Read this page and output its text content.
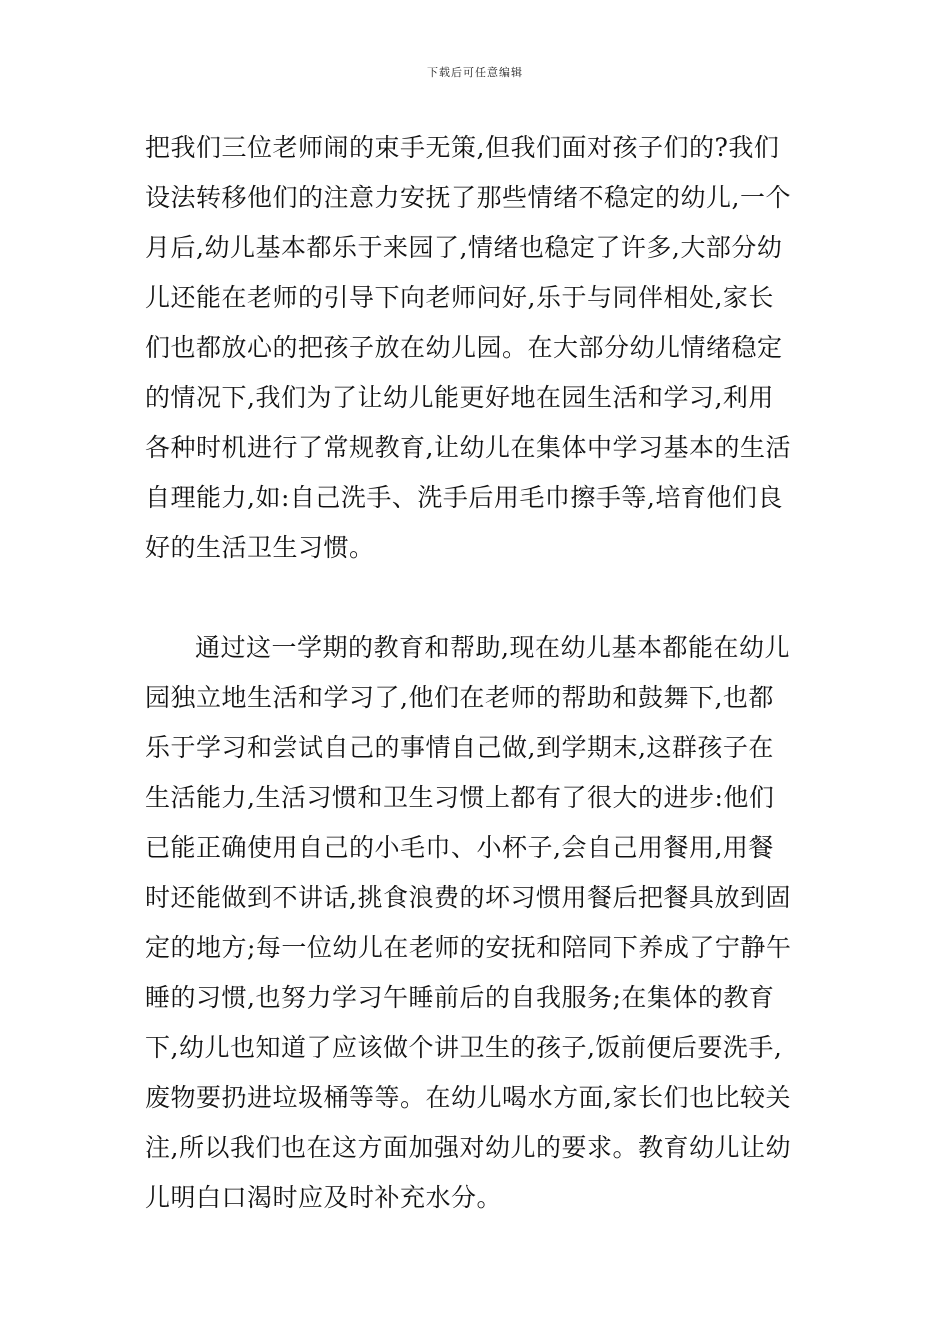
下载后可任意编辑
把我们三位老师闹的束手无策,但我们面对孩子们的?我们
设法转移他们的注意力安抚了那些情绪不稳定的幼儿,一个
月后,幼儿基本都乐于来园了,情绪也稳定了许多,大部分幼
儿还能在老师的引导下向老师问好,乐于与同伴相处,家长
们也都放心的把孩子放在幼儿园。在大部分幼儿情绪稳定
的情况下,我们为了让幼儿能更好地在园生活和学习,利用
各种时机进行了常规教育,让幼儿在集体中学习基本的生活
自理能力,如:自己洗手、洗手后用毛巾擦手等,培育他们良
好的生活卫生习惯。
通过这一学期的教育和帮助,现在幼儿基本都能在幼儿
园独立地生活和学习了,他们在老师的帮助和鼓舞下,也都
乐于学习和尝试自己的事情自己做,到学期末,这群孩子在
生活能力,生活习惯和卫生习惯上都有了很大的进步:他们
已能正确使用自己的小毛巾、小杯子,会自己用餐用,用餐
时还能做到不讲话,挑食浪费的坏习惯用餐后把餐具放到固
定的地方;每一位幼儿在老师的安抚和陪同下养成了宁静午
睡的习惯,也努力学习午睡前后的自我服务;在集体的教育
下,幼儿也知道了应该做个讲卫生的孩子,饭前便后要洗手,
废物要扔进垃圾桶等等。在幼儿喝水方面,家长们也比较关
注,所以我们也在这方面加强对幼儿的要求。教育幼儿让幼
儿明白口渴时应及时补充水分。
